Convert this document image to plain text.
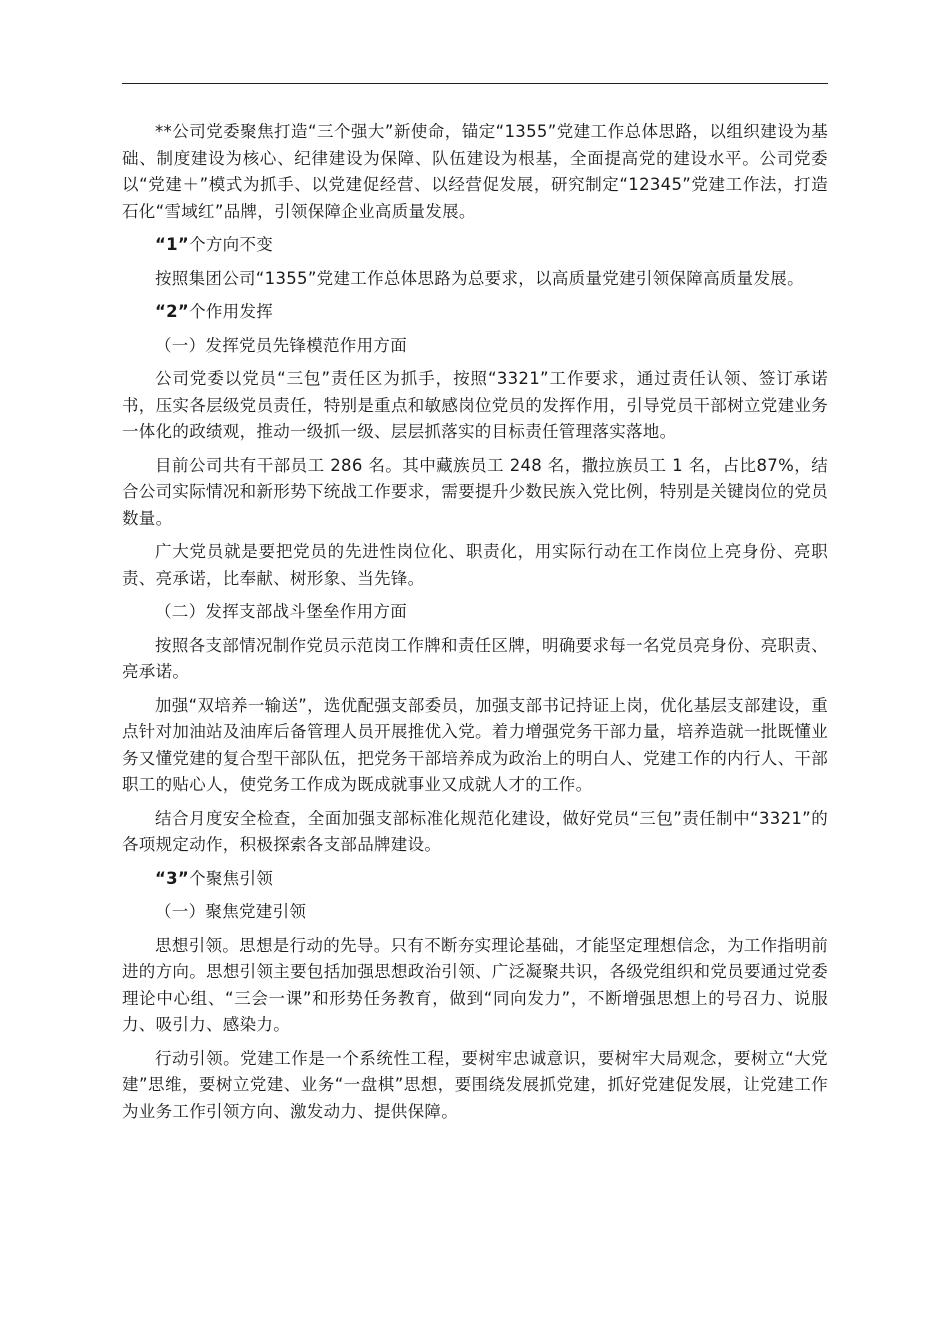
**公司党委聚焦打造“三个强大”新使命，锚定“1355”党建工作总体思路，以组织建设为基础、制度建设为核心、纪律建设为保障、队伍建设为根基，全面提高党的建设水平。公司党委以“党建＋”模式为抓手、以党建促经营、以经营促发展，研究制定“12345”党建工作法，打造石化“雪域红”品牌，引领保障企业高质量发展。

“1”个方向不变

按照集团公司“1355”党建工作总体思路为总要求，以高质量党建引领保障高质量发展。

“2”个作用发挥

（一）发挥党员先锋模范作用方面

公司党委以党员“三包”责任区为抓手，按照“3321”工作要求，通过责任认领、签订承诺书，压实各层级党员责任，特别是重点和敏感岗位党员的发挥作用，引导党员干部树立党建业务一体化的政绩观，推动一级抓一级、层层抓落实的目标责任管理落实落地。

目前公司共有干部员工 286 名。其中藏族员工 248 名，撒拉族员工 1 名，占比87%，结合公司实际情况和新形势下统战工作要求，需要提升少数民族入党比例，特别是关键岗位的党员数量。

广大党员就是要把党员的先进性岗位化、职责化，用实际行动在工作岗位上亮身份、亮职责、亮承诺，比奉献、树形象、当先锋。

（二）发挥支部战斗堡垒作用方面

按照各支部情况制作党员示范岗工作牌和责任区牌，明确要求每一名党员亮身份、亮职责、亮承诺。

加强“双培养一输送”，选优配强支部委员，加强支部书记持证上岗，优化基层支部建设，重点针对加油站及油库后备管理人员开展推优入党。着力增强党务干部力量，培养造就一批既懂业务又懂党建的复合型干部队伍，把党务干部培养成为政治上的明白人、党建工作的内行人、干部职工的贴心人，使党务工作成为既成就事业又成就人才的工作。

结合月度安全检查，全面加强支部标准化规范化建设，做好党员“三包”责任制中“3321”的各项规定动作，积极探索各支部品牌建设。

“3”个聚焦引领

（一）聚焦党建引领

思想引领。思想是行动的先导。只有不断夯实理论基础，才能坚定理想信念，为工作指明前进的方向。思想引领主要包括加强思想政治引领、广泛凝聚共识，各级党组织和党员要通过党委理论中心组、“三会一课”和形势任务教育，做到“同向发力”，不断增强思想上的号召力、说服力、吸引力、感染力。

行动引领。党建工作是一个系统性工程，要树牢忠诚意识，要树牢大局观念，要树立“大党建”思维，要树立党建、业务“一盘棋”思想，要围绕发展抓党建，抓好党建促发展，让党建工作为业务工作引领方向、激发动力、提供保障。
